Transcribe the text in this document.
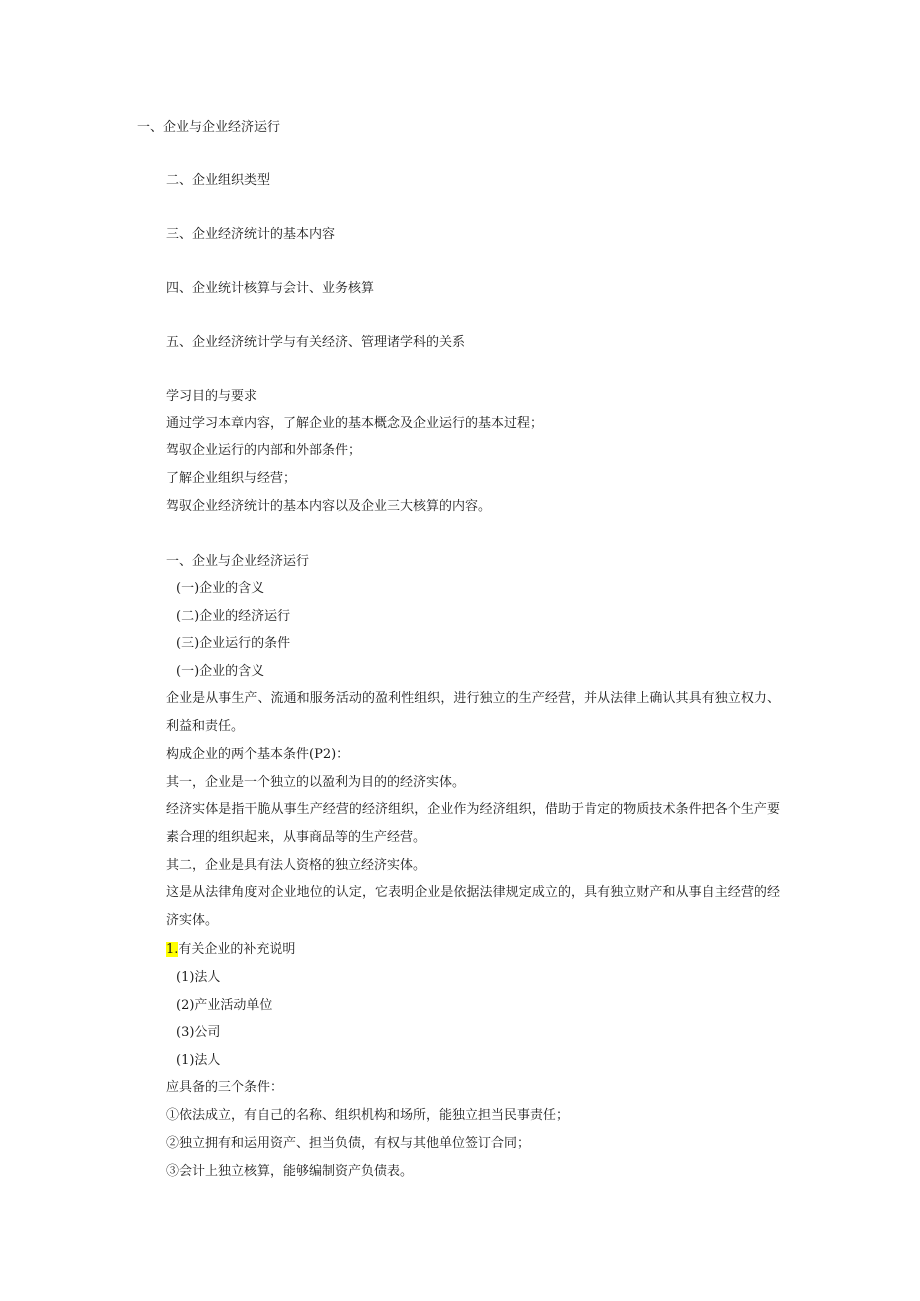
一、企业与企业经济运行

二、企业组织类型

三、企业经济统计的基本内容

四、企业统计核算与会计、业务核算

五、企业经济统计学与有关经济、管理诸学科的关系

学习目的与要求

通过学习本章内容，了解企业的基本概念及企业运行的基本过程；

驾驭企业运行的内部和外部条件；

了解企业组织与经营；

驾驭企业经济统计的基本内容以及企业三大核算的内容。

一、企业与企业经济运行

(一)企业的含义

(二)企业的经济运行

(三)企业运行的条件

(一)企业的含义

企业是从事生产、流通和服务活动的盈利性组织，进行独立的生产经营，并从法律上确认其具有独立权力、利益和责任。

构成企业的两个基本条件(P2)：

其一，企业是一个独立的以盈利为目的的经济实体。

经济实体是指干脆从事生产经营的经济组织，企业作为经济组织，借助于肯定的物质技术条件把各个生产要素合理的组织起来，从事商品等的生产经营。

其二，企业是具有法人资格的独立经济实体。

这是从法律角度对企业地位的认定，它表明企业是依据法律规定成立的，具有独立财产和从事自主经营的经济实体。

1.有关企业的补充说明

(1)法人

(2)产业活动单位

(3)公司

(1)法人

应具备的三个条件：

①依法成立，有自己的名称、组织机构和场所，能独立担当民事责任；

②独立拥有和运用资产、担当负债，有权与其他单位签订合同；

③会计上独立核算，能够编制资产负债表。
